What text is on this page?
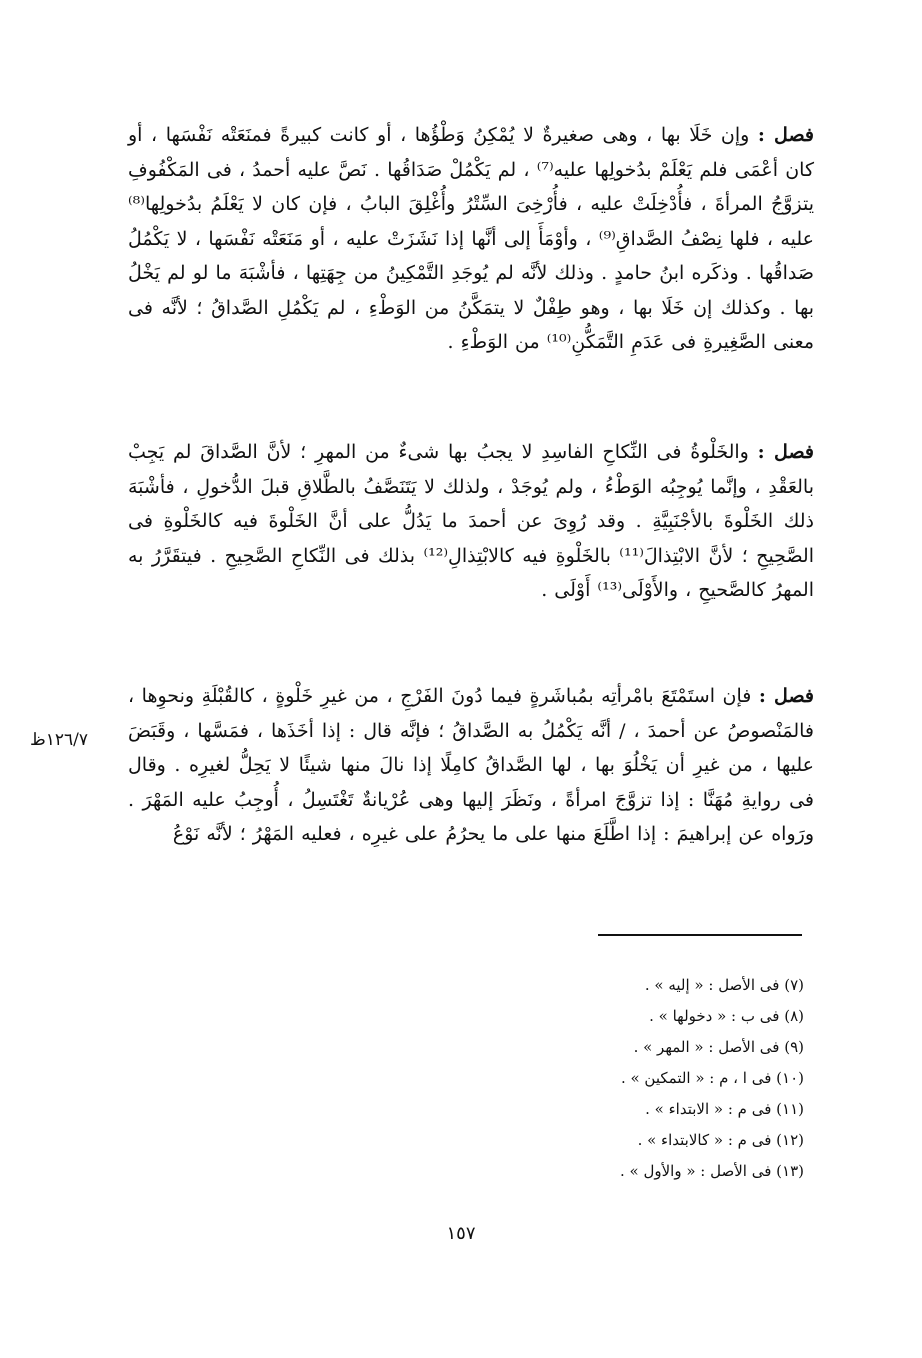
فصل : وإن خَلَا بها ، وهى صغيرةٌ لا يُمْكِنُ وَطْؤُها ، أو كانت كبيرةً فمنَعَتْه نَفْسَها ، أو كان أعْمَى فلم يَعْلَمْ بدُخولِها عليه⁽⁷⁾ ، لم يَكْمُلْ صَدَاقُها . نَصَّ عليه أحمدُ ، فى المَكْفُوفِ يتزوَّجُ المرأةَ ، فأُدْخِلَتْ عليه ، فأُرْخِىَ السِّتْرُ وأُغْلِقَ البابُ ، فإن كان لا يَعْلَمُ بدُخولِها⁽⁸⁾ عليه ، فلها نِصْفُ الصَّداقِ⁽⁹⁾ ، وأوْمَأَ إلى أنَّها إذا نَشَزَتْ عليه ، أو مَنَعَتْه نَفْسَها ، لا يَكْمُلُ صَداقُها . وذكَره ابنُ حامدٍ . وذلك لأنَّه لم يُوجَدِ التَّمْكِينُ من جِهَتِها ، فأشْبَهَ ما لو لم يَخْلُ بها . وكذلك إن خَلَا بها ، وهو طِفْلٌ لا يتمَكَّنُ من الوَطْءِ ، لم يَكْمُلِ الصَّداقُ ؛ لأنَّه فى معنى الصَّغِيرةِ فى عَدَمِ التَّمَكُّنِ⁽¹⁰⁾ من الوَطْءِ .

فصل : والخَلْوةُ فى النِّكاحِ الفاسِدِ لا يجبُ بها شىءٌ من المهرِ ؛ لأنَّ الصَّداقَ لم يَجِبْ بالعَقْدِ ، وإنَّما يُوجِبُه الوَطْءُ ، ولم يُوجَدْ ، ولذلك لا يَتَنَصَّفُ بالطَّلاقِ قبلَ الدُّخولِ ، فأشْبَهَ ذلك الخَلْوةَ بالأجْنَبِيَّةِ . وقد رُوِىَ عن أحمدَ ما يَدُلُّ على أنَّ الخَلْوةَ فيه كالخَلْوةِ فى الصَّحِيحِ ؛ لأنَّ الابْتِذالَ⁽¹¹⁾ بالخَلْوةِ فيه كالابْتِذالِ⁽¹²⁾ بذلك فى النِّكاحِ الصَّحِيحِ . فيتقَرَّرُ به المهرُ كالصَّحيحِ ، والأَوْلَى⁽¹³⁾ أَوْلَى .

فصل : فإن استَمْتَعَ بامْرأتِه بمُباشَرةٍ فيما دُونَ الفَرْجِ ، من غيرِ خَلْوةٍ ، كالقُبْلَةِ ونحوِها ، فالمَنْصوصُ عن أحمدَ ، / أنَّه يَكْمُلُ به الصَّداقُ ؛ فإنَّه قال : إذا أخَذَها ، فمَسَّها ، وقَبَضَ عليها ، من غيرِ أن يَخْلُوَ بها ، لها الصَّداقُ كامِلًا إذا نالَ منها شيئًا لا يَحِلُّ لغيرِه . وقال فى روايةِ مُهَنَّا : إذا تزوَّجَ امرأةً ، ونَظَرَ إليها وهى عُرْيانةٌ تَغْتَسِلُ ، أُوجِبُ عليه المَهْرَ . ورَواه عن إبراهيمَ : إذا اطَّلَعَ منها على ما يحرُمُ على غيرِه ، فعليه المَهْرُ ؛ لأنَّه نَوْعُ

١٢٦/٧ظ
(٧) فى الأصل : « إليه » .
(٨) فى ب : « دخولها » .
(٩) فى الأصل : « المهر » .
(١٠) فى ا ، م : « التمكين » .
(١١) فى م : « الابتداء » .
(١٢) فى م : « كالابتداء » .
(١٣) فى الأصل : « والأول » .
١٥٧
